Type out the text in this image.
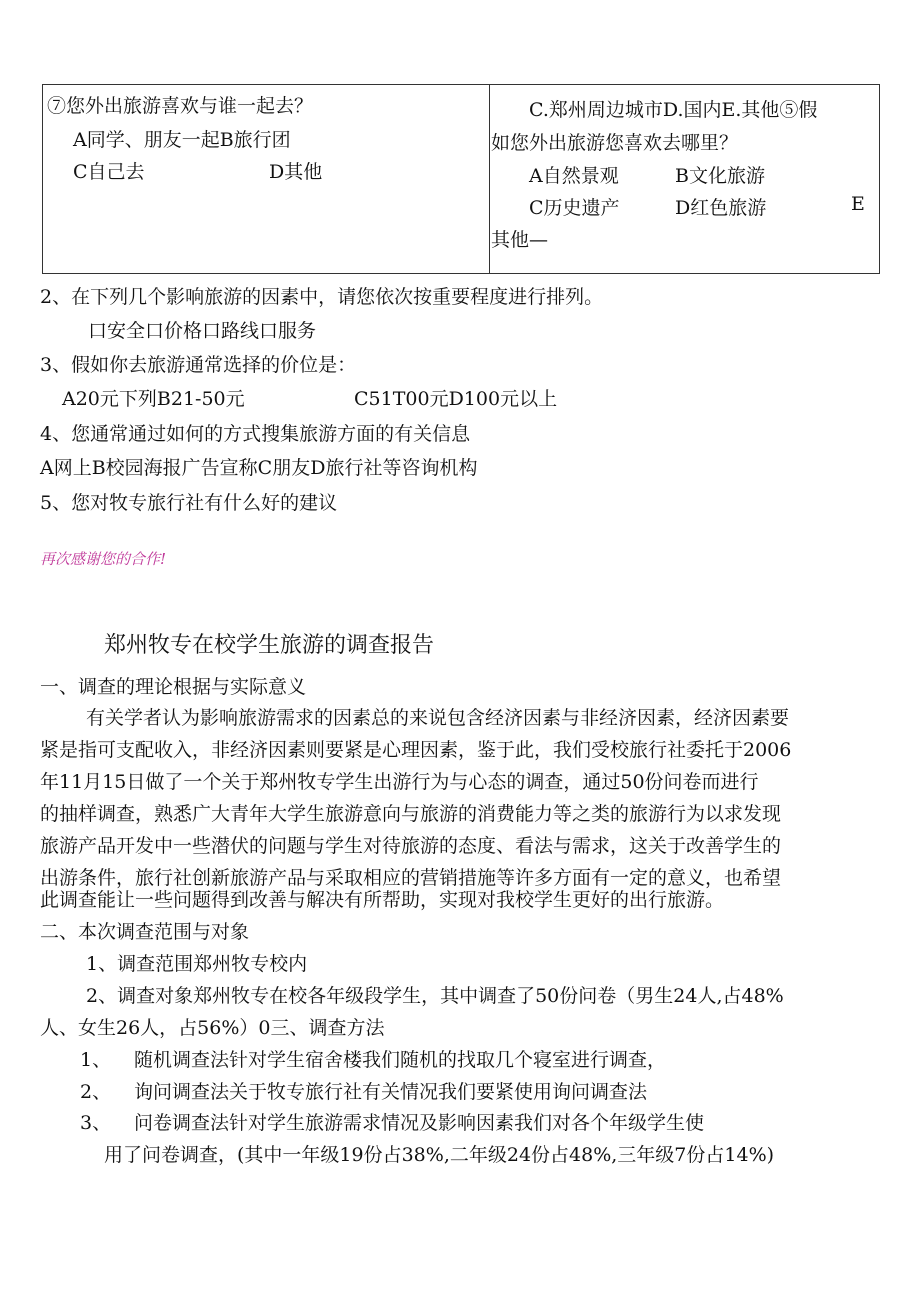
⑦您外出旅游喜欢与谁一起去？
A同学、朋友一起B旅行团
C自己去	D其他
C.郑州周边城市D.国内E.其他⑤假
如您外出旅游您喜欢去哪里？
A自然景观	B文化旅游
C历史遗产	D红色旅游	E
其他—
2、在下列几个影响旅游的因素中，请您依次按重要程度进行排列。
口安全口价格口路线口服务
3、假如你去旅游通常选择的价位是：
A20元下列B21-50元	C51T00元D100元以上
4、您通常通过如何的方式搜集旅游方面的有关信息
A网上B校园海报广告宣称C朋友D旅行社等咨询机构
5、您对牧专旅行社有什么好的建议
再次感谢您的合作!
郑州牧专在校学生旅游的调查报告
一、调查的理论根据与实际意义
有关学者认为影响旅游需求的因素总的来说包含经济因素与非经济因素，经济因素要
紧是指可支配收入，非经济因素则要紧是心理因素，鉴于此，我们受校旅行社委托于2006
年11月15日做了一个关于郑州牧专学生出游行为与心态的调查，通过50份问卷而进行
的抽样调查，熟悉广大青年大学生旅游意向与旅游的消费能力等之类的旅游行为以求发现
旅游产品开发中一些潜伏的问题与学生对待旅游的态度、看法与需求，这关于改善学生的
出游条件，旅行社创新旅游产品与采取相应的营销措施等许多方面有一定的意义，也希望
此调查能让一些问题得到改善与解决有所帮助，实现对我校学生更好的出行旅游。
二、本次调查范围与对象
1、调查范围郑州牧专校内
2、调查对象郑州牧专在校各年级段学生，其中调查了50份问卷（男生24人,占48%
人、女生26人，占56%）0三、调查方法
1、 随机调查法针对学生宿舍楼我们随机的找取几个寝室进行调查，
2、 询问调查法关于牧专旅行社有关情况我们要紧使用询问调查法
3、 问卷调查法针对学生旅游需求情况及影响因素我们对各个年级学生使
用了问卷调查，(其中一年级19份占38%,二年级24份占48%,三年级7份占14%)
